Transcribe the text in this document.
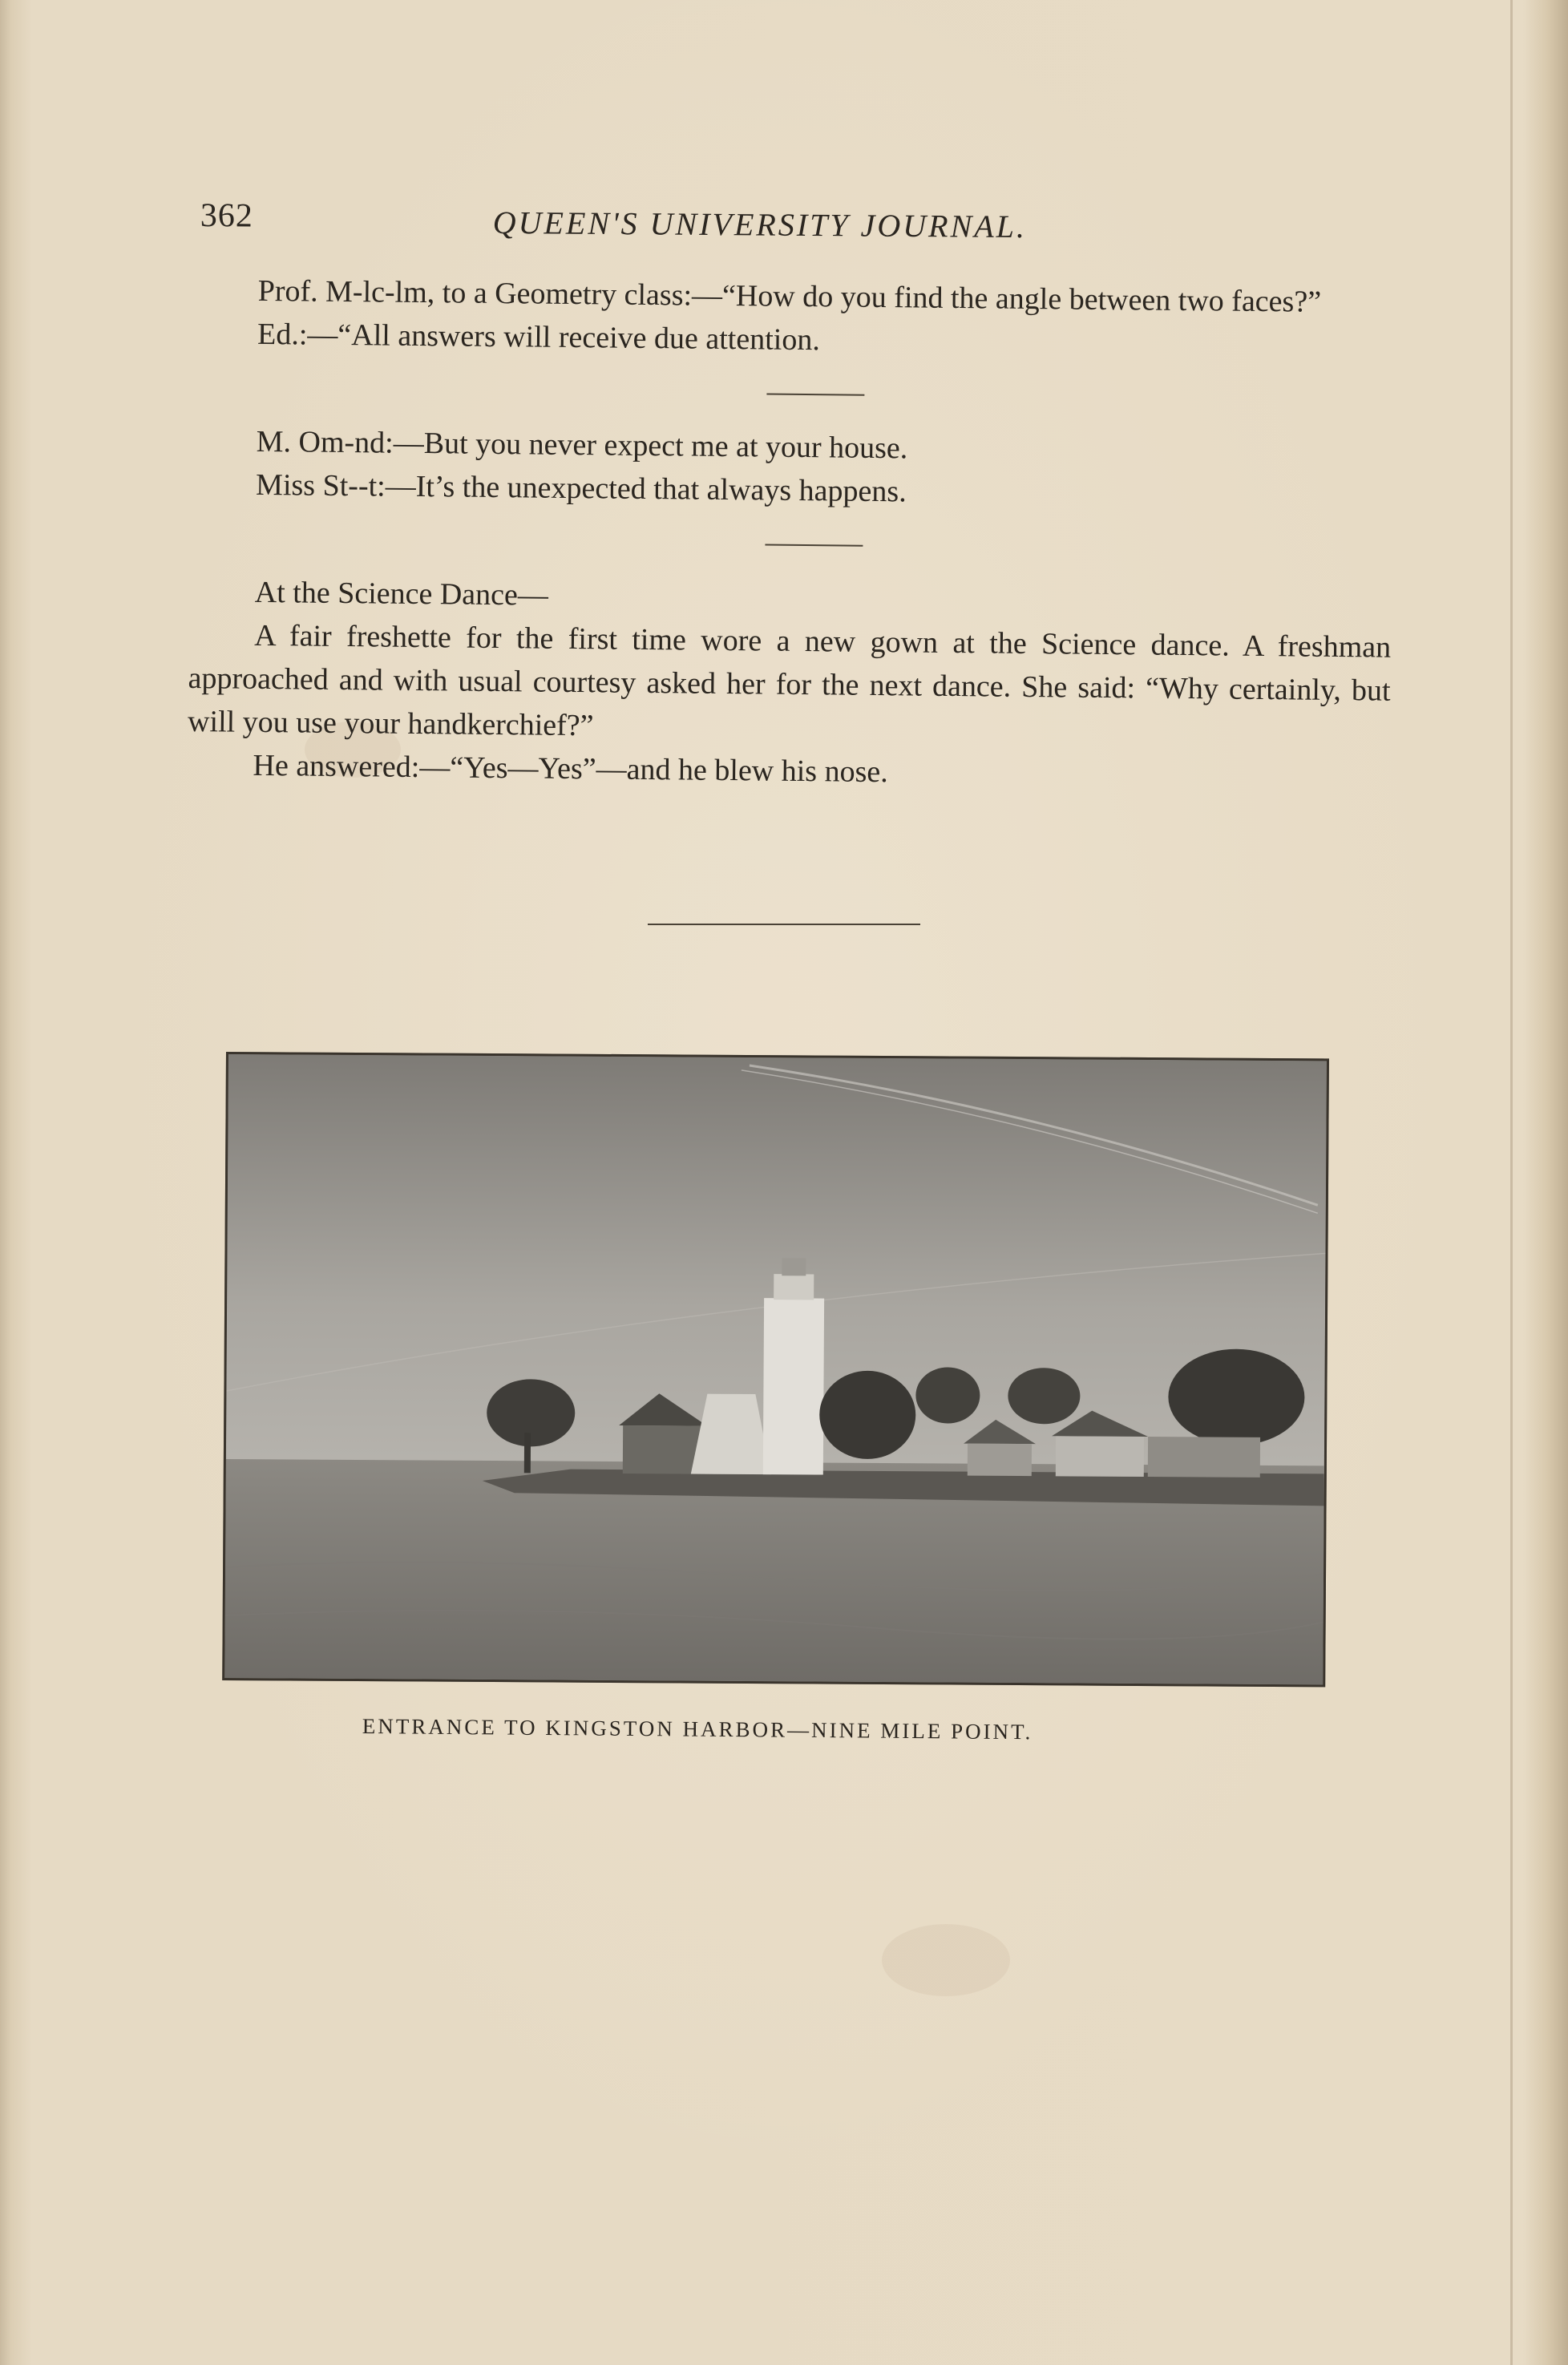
362	QUEEN'S UNIVERSITY JOURNAL.

Prof. M-lc-lm, to a Geometry class:—“How do you find the angle between two faces?”

Ed.:—“All answers will receive due attention.

M. Om-nd:—But you never expect me at your house.

Miss St--t:—It’s the unexpected that always happens.

At the Science Dance—

A fair freshette for the first time wore a new gown at the Science dance. A freshman approached and with usual courtesy asked her for the next dance. She said: “Why certainly, but will you use your handkerchief?”

He answered:—“Yes—Yes”—and he blew his nose.

ENTRANCE TO KINGSTON HARBOR—NINE MILE POINT.
